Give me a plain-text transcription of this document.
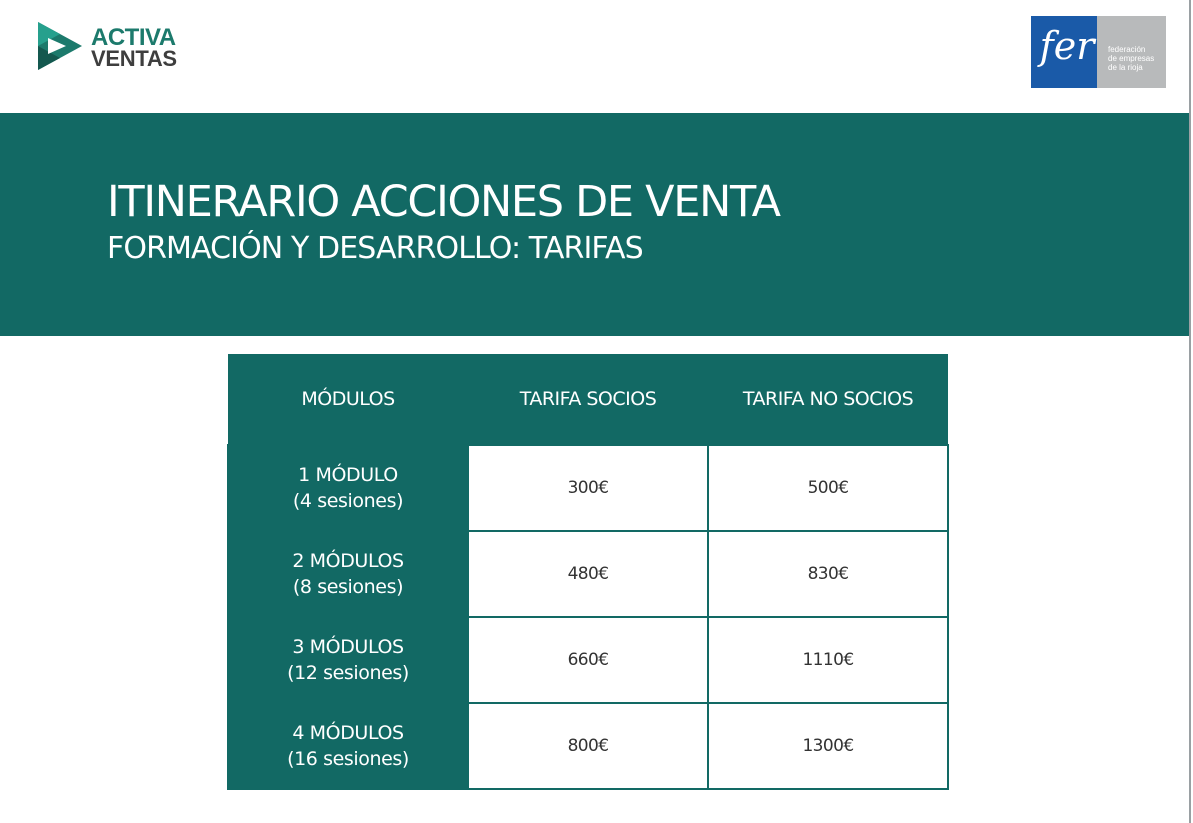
ACTIVA
VENTAS	fer	federación
de empresas
de la rioja
ITINERARIO ACCIONES DE VENTA
FORMACIÓN Y DESARROLLO: TARIFAS
MÓDULOS	TARIFA SOCIOS	TARIFA NO SOCIOS

1 MÓDULO
(4 sesiones)	300€	500€

2 MÓDULOS
(8 sesiones)	480€	830€

3 MÓDULOS
(12 sesiones)	660€	1110€

4 MÓDULOS
(16 sesiones)	800€	1300€
